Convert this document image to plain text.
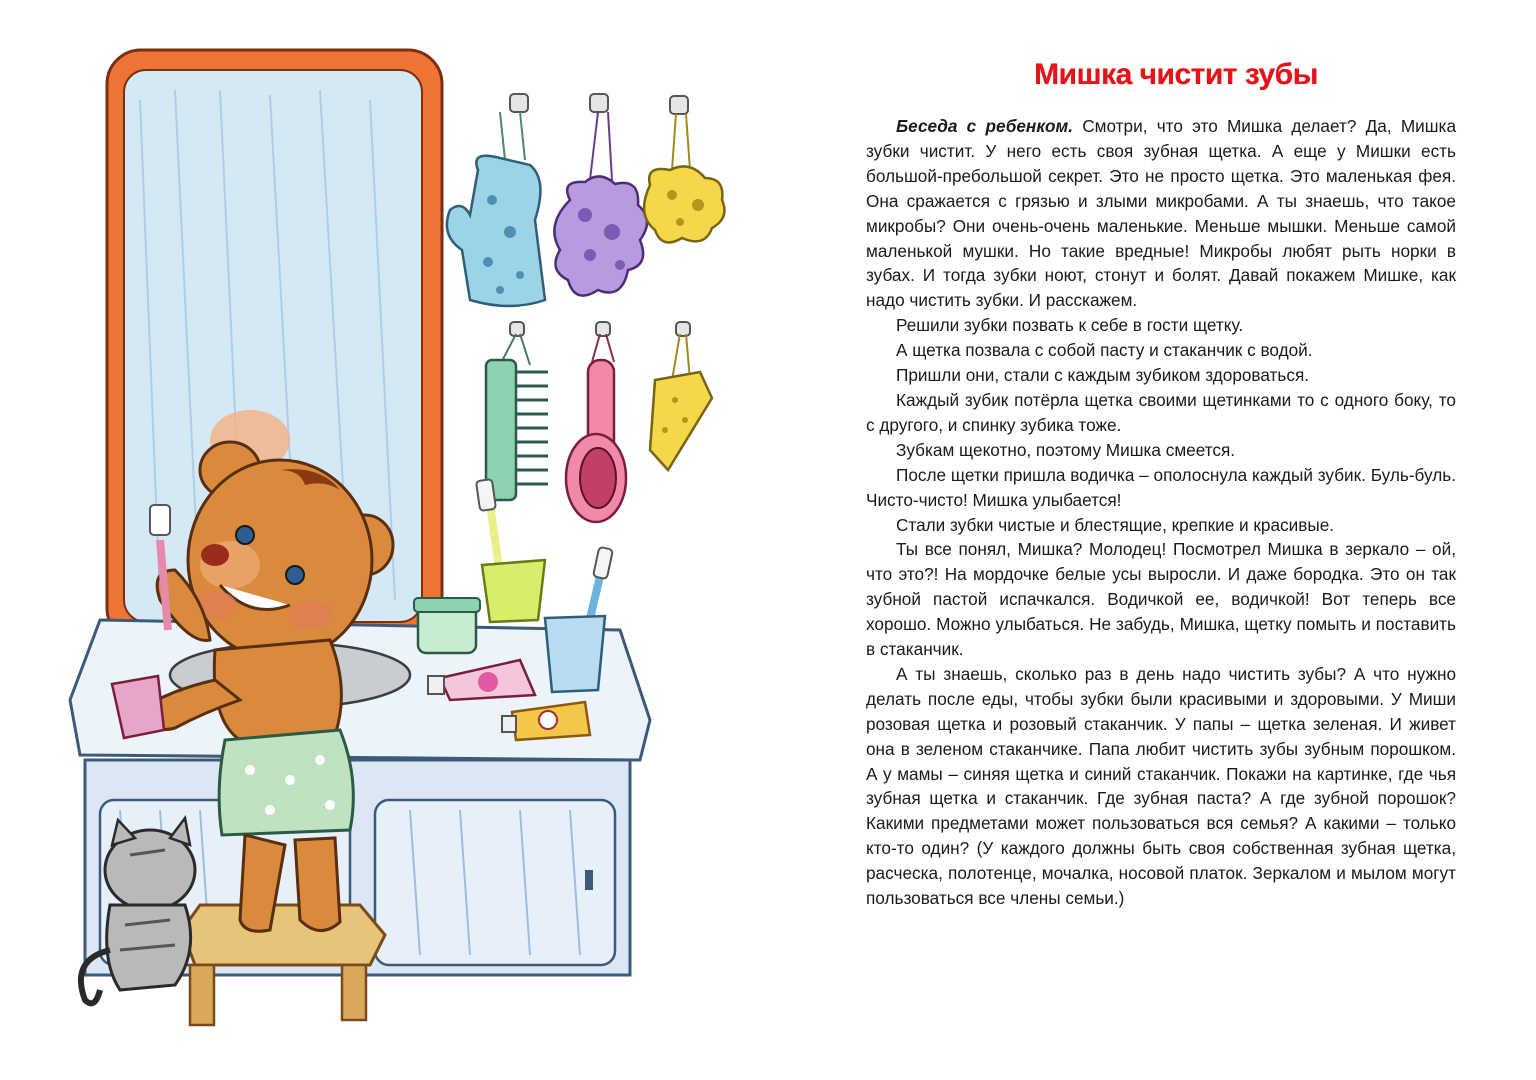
Мишка чистит зубы

Беседа с ребенком. Смотри, что это Мишка делает? Да, Мишка зубки чистит. У него есть своя зубная щетка. А еще у Мишки есть большой-пребольшой секрет. Это не просто щетка. Это маленькая фея. Она сражается с грязью и злыми микробами. А ты знаешь, что такое микробы? Они очень-очень маленькие. Меньше мышки. Меньше самой маленькой мушки. Но такие вредные! Микробы любят рыть норки в зубах. И тогда зубки ноют, стонут и болят. Давай покажем Мишке, как надо чистить зубки. И расскажем.

Решили зубки позвать к себе в гости щетку.

А щетка позвала с собой пасту и стаканчик с водой.

Пришли они, стали с каждым зубиком здороваться.

Каждый зубик потёрла щетка своими щетинками то с одного боку, то с другого, и спинку зубика тоже.

Зубкам щекотно, поэтому Мишка смеется.

После щетки пришла водичка – ополоснула каждый зубик. Буль-буль. Чисто-чисто! Мишка улыбается!

Стали зубки чистые и блестящие, крепкие и красивые.

Ты все понял, Мишка? Молодец! Посмотрел Мишка в зеркало – ой, что это?! На мордочке белые усы выросли. И даже бородка. Это он так зубной пастой испачкался. Водичкой ее, водичкой! Вот теперь все хорошо. Можно улыбаться. Не забудь, Мишка, щетку помыть и поставить в стаканчик.

А ты знаешь, сколько раз в день надо чистить зубы? А что нужно делать после еды, чтобы зубки были красивыми и здоровыми. У Миши розовая щетка и розовый стаканчик. У папы – щетка зеленая. И живет она в зеленом стаканчике. Папа любит чистить зубы зубным порошком. А у мамы – синяя щетка и синий стаканчик. Покажи на картинке, где чья зубная щетка и стаканчик. Где зубная паста? А где зубной порошок? Какими предметами может пользоваться вся семья? А какими – только кто-то один? (У каждого должны быть своя собственная зубная щетка, расческа, полотенце, мочалка, носовой платок. Зеркалом и мылом могут пользоваться все члены семьи.)
